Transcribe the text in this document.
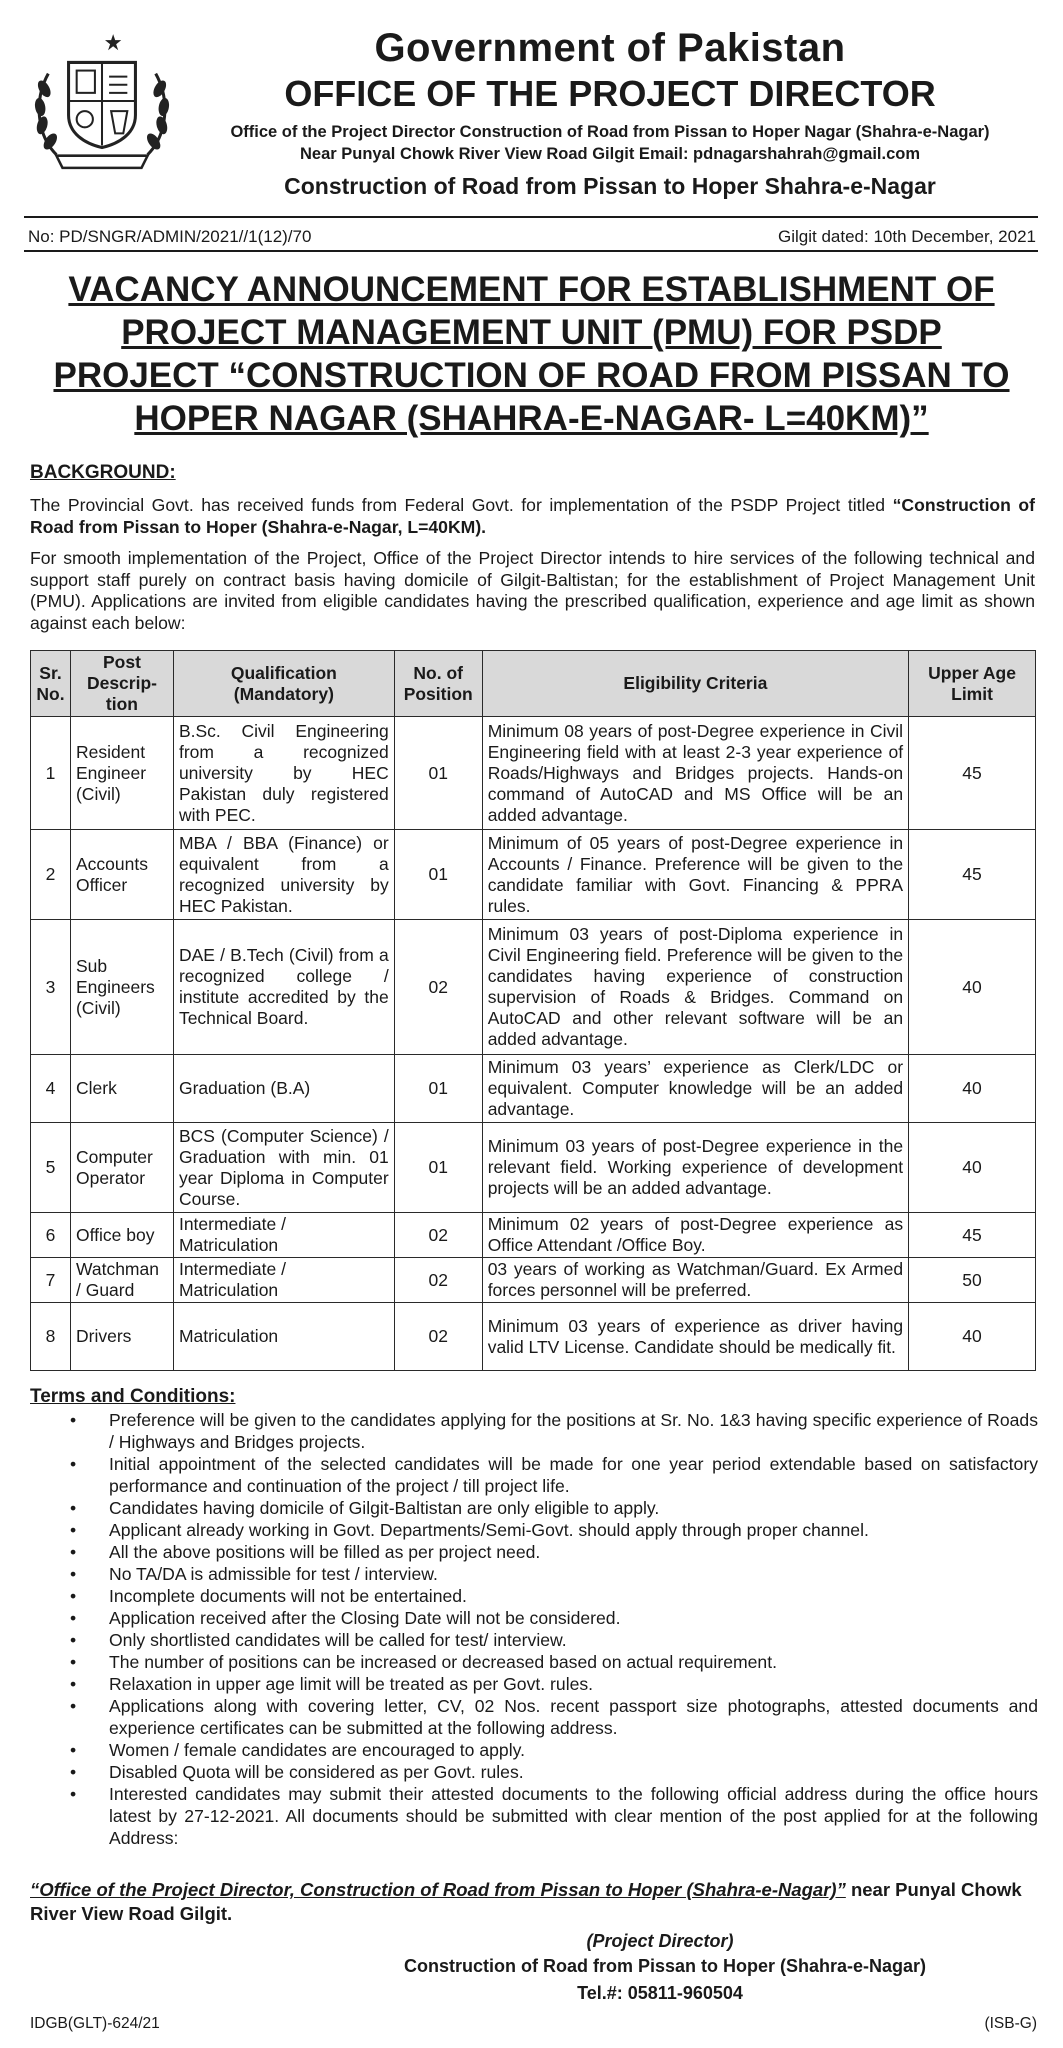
Government of Pakistan
OFFICE OF THE PROJECT DIRECTOR
Office of the Project Director Construction of Road from Pissan to Hoper Nagar (Shahra-e-Nagar)
Near Punyal Chowk River View Road Gilgit Email: pdnagarshahrah@gmail.com
Construction of Road from Pissan to Hoper Shahra-e-Nagar
No: PD/SNGR/ADMIN/2021//1(12)/70	Gilgit dated: 10th December, 2021
VACANCY ANNOUNCEMENT FOR ESTABLISHMENT OF PROJECT MANAGEMENT UNIT (PMU) FOR PSDP PROJECT “CONSTRUCTION OF ROAD FROM PISSAN TO HOPER NAGAR (SHAHRA-E-NAGAR- L=40KM)”
BACKGROUND:
The Provincial Govt. has received funds from Federal Govt. for implementation of the PSDP Project titled “Construction of Road from Pissan to Hoper (Shahra-e-Nagar, L=40KM).
For smooth implementation of the Project, Office of the Project Director intends to hire services of the following technical and support staff purely on contract basis having domicile of Gilgit-Baltistan; for the establishment of Project Management Unit (PMU). Applications are invited from eligible candidates having the prescribed qualification, experience and age limit as shown against each below:
Sr. No.	Post Descrip-tion	Qualification (Mandatory)	No. of Position	Eligibility Criteria	Upper Age Limit
1	Resident Engineer (Civil)	B.Sc. Civil Engineering from a recognized university by HEC Pakistan duly registered with PEC.	01	Minimum 08 years of post-Degree experience in Civil Engineering field with at least 2-3 year experience of Roads/Highways and Bridges projects. Hands-on command of AutoCAD and MS Office will be an added advantage.	45
2	Accounts Officer	MBA / BBA (Finance) or equivalent from a recognized university by HEC Pakistan.	01	Minimum of 05 years of post-Degree experience in Accounts / Finance. Preference will be given to the candidate familiar with Govt. Financing & PPRA rules.	45
3	Sub Engineers (Civil)	DAE / B.Tech (Civil) from a recognized college / institute accredited by the Technical Board.	02	Minimum 03 years of post-Diploma experience in Civil Engineering field. Preference will be given to the candidates having experience of construction supervision of Roads & Bridges. Command on AutoCAD and other relevant software will be an added advantage.	40
4	Clerk	Graduation (B.A)	01	Minimum 03 years’ experience as Clerk/LDC or equivalent. Computer knowledge will be an added advantage.	40
5	Computer Operator	BCS (Computer Science) / Graduation with min. 01 year Diploma in Computer Course.	01	Minimum 03 years of post-Degree experience in the relevant field. Working experience of development projects will be an added advantage.	40
6	Office boy	Intermediate / Matriculation	02	Minimum 02 years of post-Degree experience as Office Attendant /Office Boy.	45
7	Watchman / Guard	Intermediate / Matriculation	02	03 years of working as Watchman/Guard. Ex Armed forces personnel will be preferred.	50
8	Drivers	Matriculation	02	Minimum 03 years of experience as driver having valid LTV License. Candidate should be medically fit.	40
Terms and Conditions:
• Preference will be given to the candidates applying for the positions at Sr. No. 1&3 having specific experience of Roads / Highways and Bridges projects.
• Initial appointment of the selected candidates will be made for one year period extendable based on satisfactory performance and continuation of the project / till project life.
• Candidates having domicile of Gilgit-Baltistan are only eligible to apply.
• Applicant already working in Govt. Departments/Semi-Govt. should apply through proper channel.
• All the above positions will be filled as per project need.
• No TA/DA is admissible for test / interview.
• Incomplete documents will not be entertained.
• Application received after the Closing Date will not be considered.
• Only shortlisted candidates will be called for test/ interview.
• The number of positions can be increased or decreased based on actual requirement.
• Relaxation in upper age limit will be treated as per Govt. rules.
• Applications along with covering letter, CV, 02 Nos. recent passport size photographs, attested documents and experience certificates can be submitted at the following address.
• Women / female candidates are encouraged to apply.
• Disabled Quota will be considered as per Govt. rules.
• Interested candidates may submit their attested documents to the following official address during the office hours latest by 27-12-2021. All documents should be submitted with clear mention of the post applied for at the following Address:
“Office of the Project Director, Construction of Road from Pissan to Hoper (Shahra-e-Nagar)” near Punyal Chowk River View Road Gilgit.
(Project Director)
Construction of Road from Pissan to Hoper (Shahra-e-Nagar)
Tel.#: 05811-960504
IDGB(GLT)-624/21	(ISB-G)
